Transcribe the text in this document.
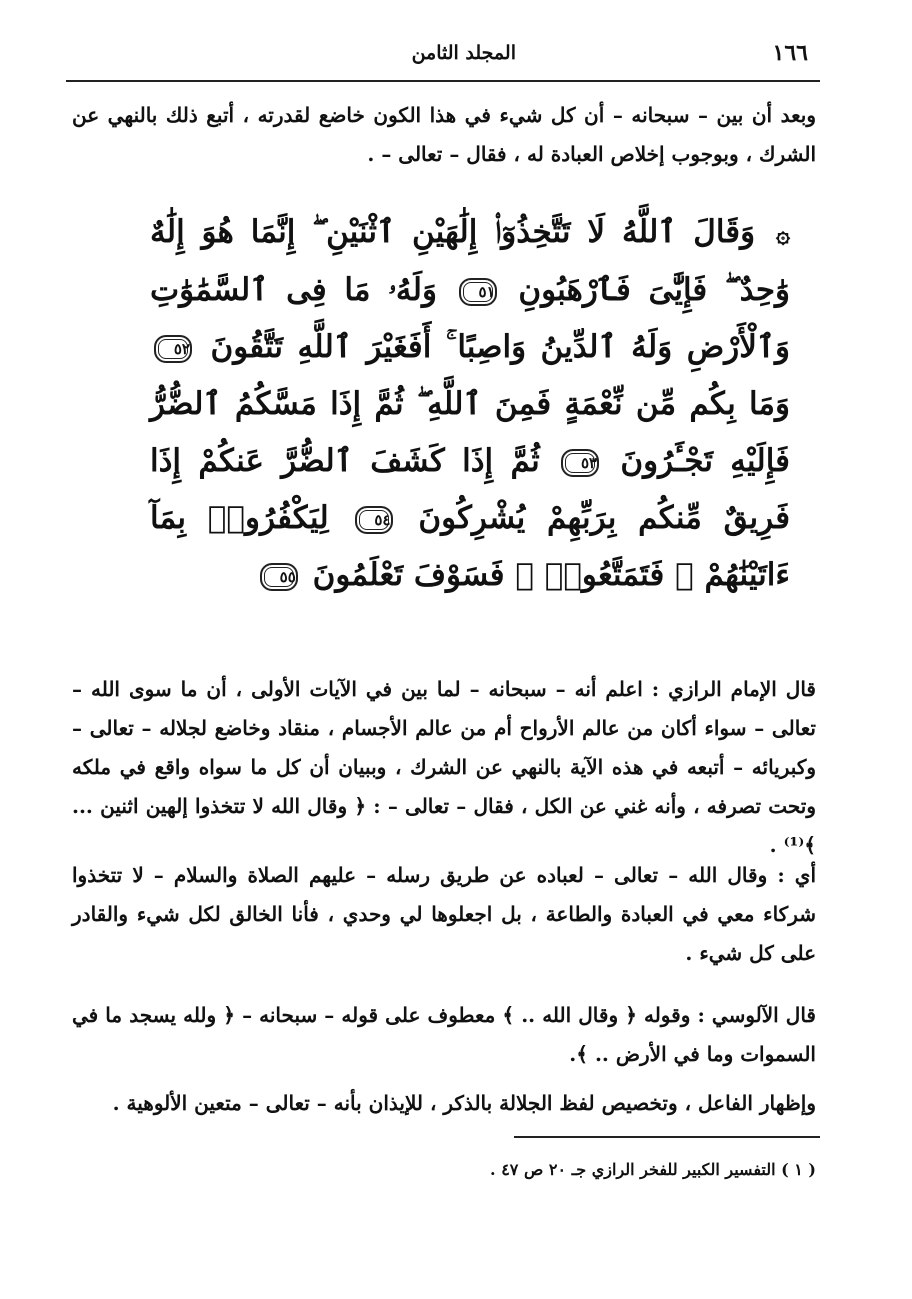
١٦٦
المجلد الثامن
وبعد أن بين – سبحانه – أن كل شيء في هذا الكون خاضع لقدرته ، أتبع ذلك بالنهي عن الشرك ، وبوجوب إخلاص العبادة له ، فقال – تعالى – .
۞ وَقَالَ ٱللَّهُ لَا تَتَّخِذُوٓا۟ إِلَٰهَيْنِ ٱثْنَيْنِ ۖ إِنَّمَا هُوَ إِلَٰهٌ وَٰحِدٌ ۖ فَإِيَّٰىَ فَٱرْهَبُونِ ٥١ وَلَهُۥ مَا فِى ٱلسَّمَٰوَٰتِ وَٱلْأَرْضِ وَلَهُ ٱلدِّينُ وَاصِبًا ۚ أَفَغَيْرَ ٱللَّهِ تَتَّقُونَ ٥٢ وَمَا بِكُم مِّن نِّعْمَةٍ فَمِنَ ٱللَّهِ ۖ ثُمَّ إِذَا مَسَّكُمُ ٱلضُّرُّ فَإِلَيْهِ تَجْـَٔرُونَ ٥٣ ثُمَّ إِذَا كَشَفَ ٱلضُّرَّ عَنكُمْ إِذَا فَرِيقٌ مِّنكُم بِرَبِّهِمْ يُشْرِكُونَ ٥٤ لِيَكْفُرُوا۟ بِمَآ ءَاتَيْنَٰهُمْ ۚ فَتَمَتَّعُوا۟ ۖ فَسَوْفَ تَعْلَمُونَ ٥٥
قال الإمام الرازي : اعلم أنه – سبحانه – لما بين في الآيات الأولى ، أن ما سوى الله – تعالى – سواء أكان من عالم الأرواح أم من عالم الأجسام ، منقاد وخاضع لجلاله – تعالى – وكبريائه – أتبعه في هذه الآية بالنهي عن الشرك ، وببيان أن كل ما سواه واقع في ملكه وتحت تصرفه ، وأنه غني عن الكل ، فقال – تعالى – : ﴿ وقال الله لا تتخذوا إلهين اثنين ... ﴾⁽¹⁾ .
أي : وقال الله – تعالى – لعباده عن طريق رسله – عليهم الصلاة والسلام – لا تتخذوا شركاء معي في العبادة والطاعة ، بل اجعلوها لي وحدي ، فأنا الخالق لكل شيء والقادر على كل شيء .
قال الآلوسي : وقوله ﴿ وقال الله .. ﴾ معطوف على قوله – سبحانه – ﴿ ولله يسجد ما في السموات وما في الأرض .. ﴾.
وإظهار الفاعل ، وتخصيص لفظ الجلالة بالذكر ، للإيذان بأنه – تعالى – متعين الألوهية .
( ١ ) التفسير الكبير للفخر الرازي جـ ٢٠ ص ٤٧ .
